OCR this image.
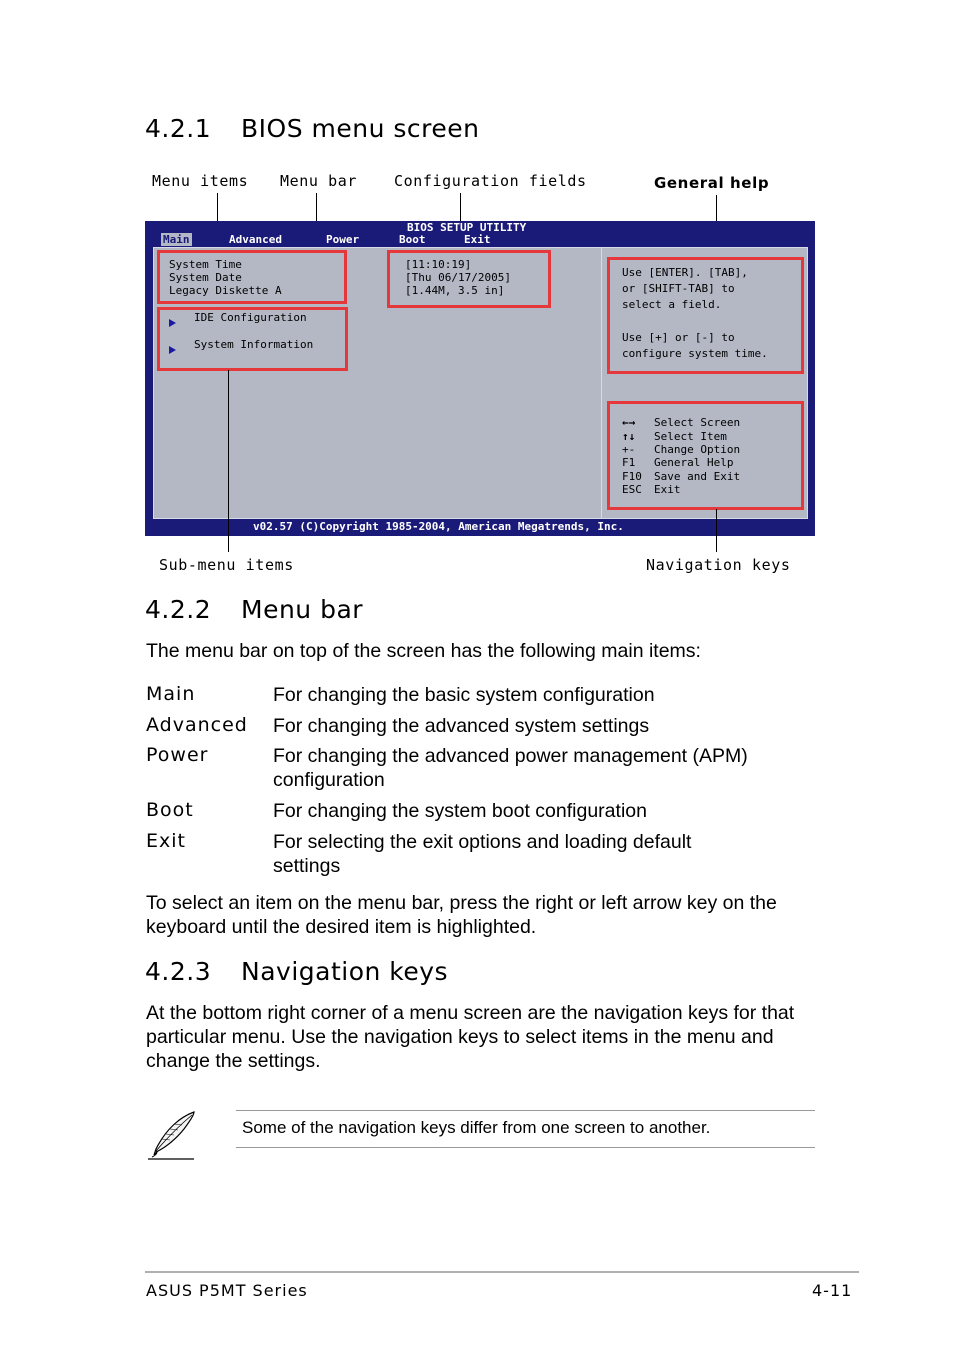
4.2.1 BIOS menu screen
Menu items Menu bar Configuration fields	General help
BIOS SETUP UTILITY
Main	Advanced	Power	Boot	Exit
System Time
System Date
Legacy Diskette A
[11:10:19]
[Thu 06/17/2005]
[1.44M, 3.5 in]
IDE Configuration
System Information
Use [ENTER]. [TAB],
or [SHIFT-TAB] to
select a field.
Use [+] or [-] to
configure system time.
←→ Select Screen
↑↓ Select Item
+- Change Option
F1 General Help
F10 Save and Exit
ESC Exit
v02.57 (C)Copyright 1985-2004, American Megatrends, Inc.
Sub-menu items	Navigation keys
4.2.2 Menu bar
The menu bar on top of the screen has the following main items:
Main	For changing the basic system configuration
Advanced For changing the advanced system settings
Power	For changing the advanced power management (APM) configuration
Boot	For changing the system boot configuration
Exit	For selecting the exit options and loading default settings
To select an item on the menu bar, press the right or left arrow key on the keyboard until the desired item is highlighted.
4.2.3 Navigation keys
At the bottom right corner of a menu screen are the navigation keys for that particular menu. Use the navigation keys to select items in the menu and change the settings.
Some of the navigation keys differ from one screen to another.
ASUS P5MT Series	4-11
